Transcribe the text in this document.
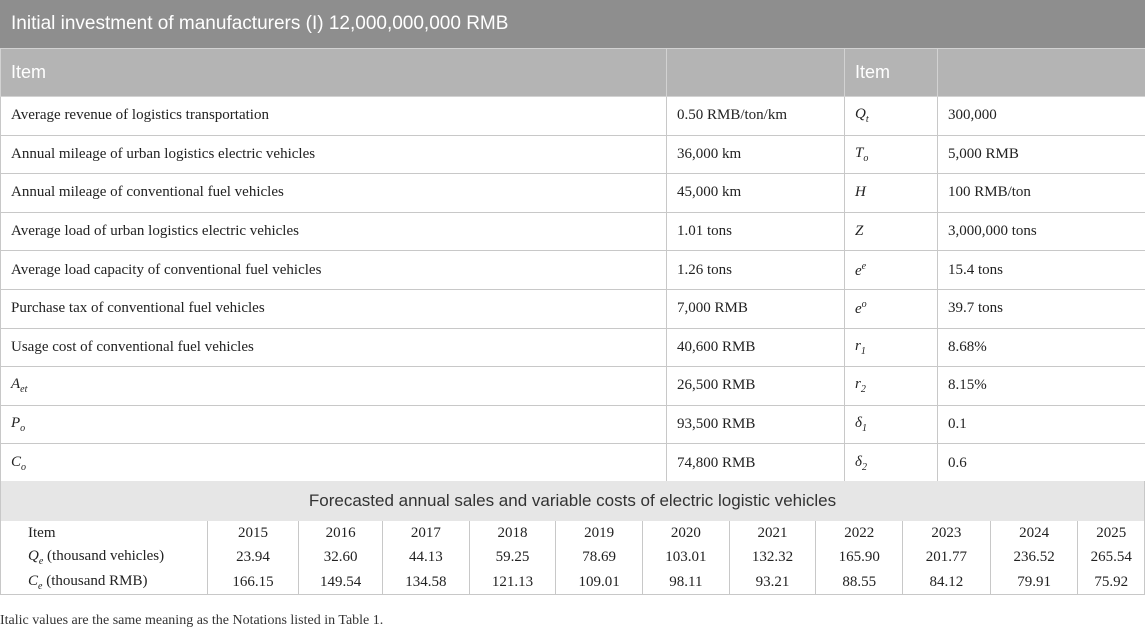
Initial investment of manufacturers (I) 12,000,000,000 RMB
Item		Item	
Average revenue of logistics transportation	0.50 RMB/ton/km	$Q_t$	300,000
Annual mileage of urban logistics electric vehicles	36,000 km	$T_o$	5,000 RMB
Annual mileage of conventional fuel vehicles	45,000 km	H	100 RMB/ton
Average load of urban logistics electric vehicles	1.01 tons	Z	3,000,000 tons
Average load capacity of conventional fuel vehicles	1.26 tons	$e^e$	15.4 tons
Purchase tax of conventional fuel vehicles	7,000 RMB	$e^o$	39.7 tons
Usage cost of conventional fuel vehicles	40,600 RMB	$r_1$	8.68%
$A_{et}$	26,500 RMB	$r_2$	8.15%
$P_o$	93,500 RMB	$\delta_1$	0.1
$C_o$	74,800 RMB	$\delta_2$	0.6
Forecasted annual sales and variable costs of electric logistic vehicles
Item	2015	2016	2017	2018	2019	2020	2021	2022	2023	2024	2025
$Q_e$ (thousand vehicles)	23.94	32.60	44.13	59.25	78.69	103.01	132.32	165.90	201.77	236.52	265.54
$C_e$ (thousand RMB)	166.15	149.54	134.58	121.13	109.01	98.11	93.21	88.55	84.12	79.91	75.92
Italic values are the same meaning as the Notations listed in Table 1.
